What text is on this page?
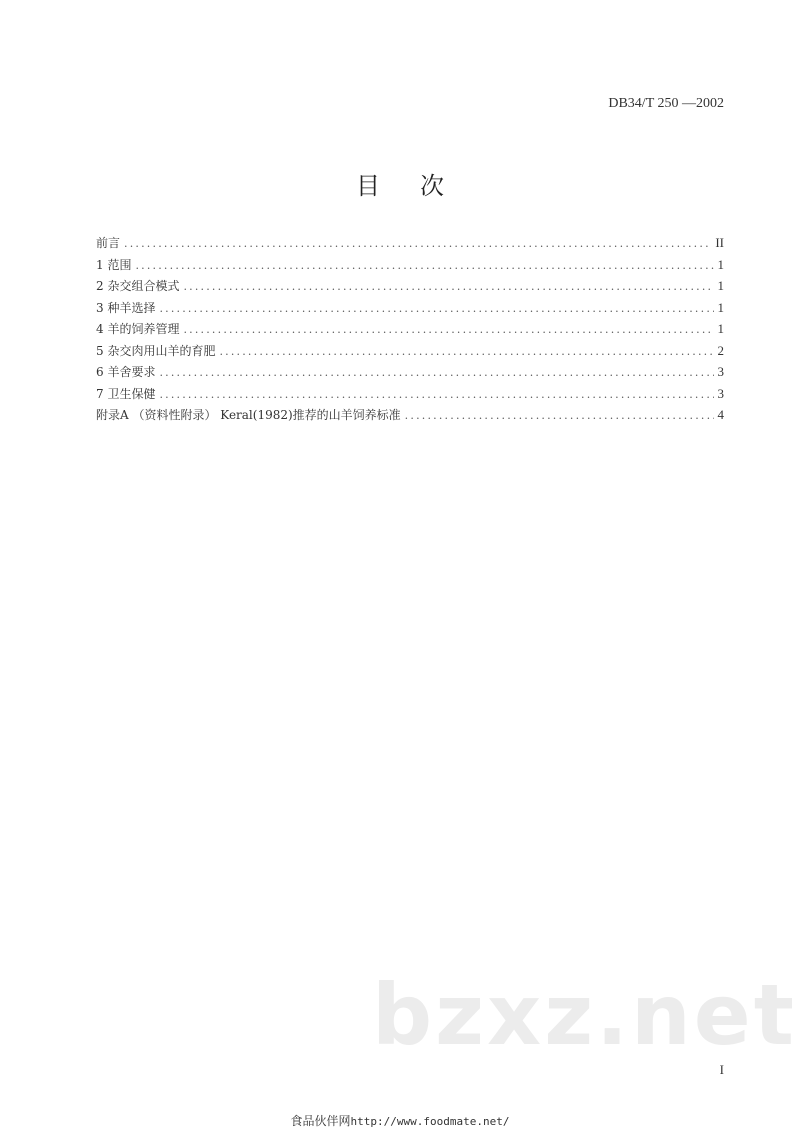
DB34/T 250 —2002
目次
前言 .....	II
1 范围 .....	1
2 杂交组合模式 .....	1
3 种羊选择 .....	1
4 羊的饲养管理 .....	1
5 杂交肉用山羊的育肥 .....	2
6 羊舍要求 .....	3
7 卫生保健 .....	3
附录A （资料性附录） Keral(1982)推荐的山羊饲养标准 .....	4
bzxz.net
I
食品伙伴网http://www.foodmate.net/
